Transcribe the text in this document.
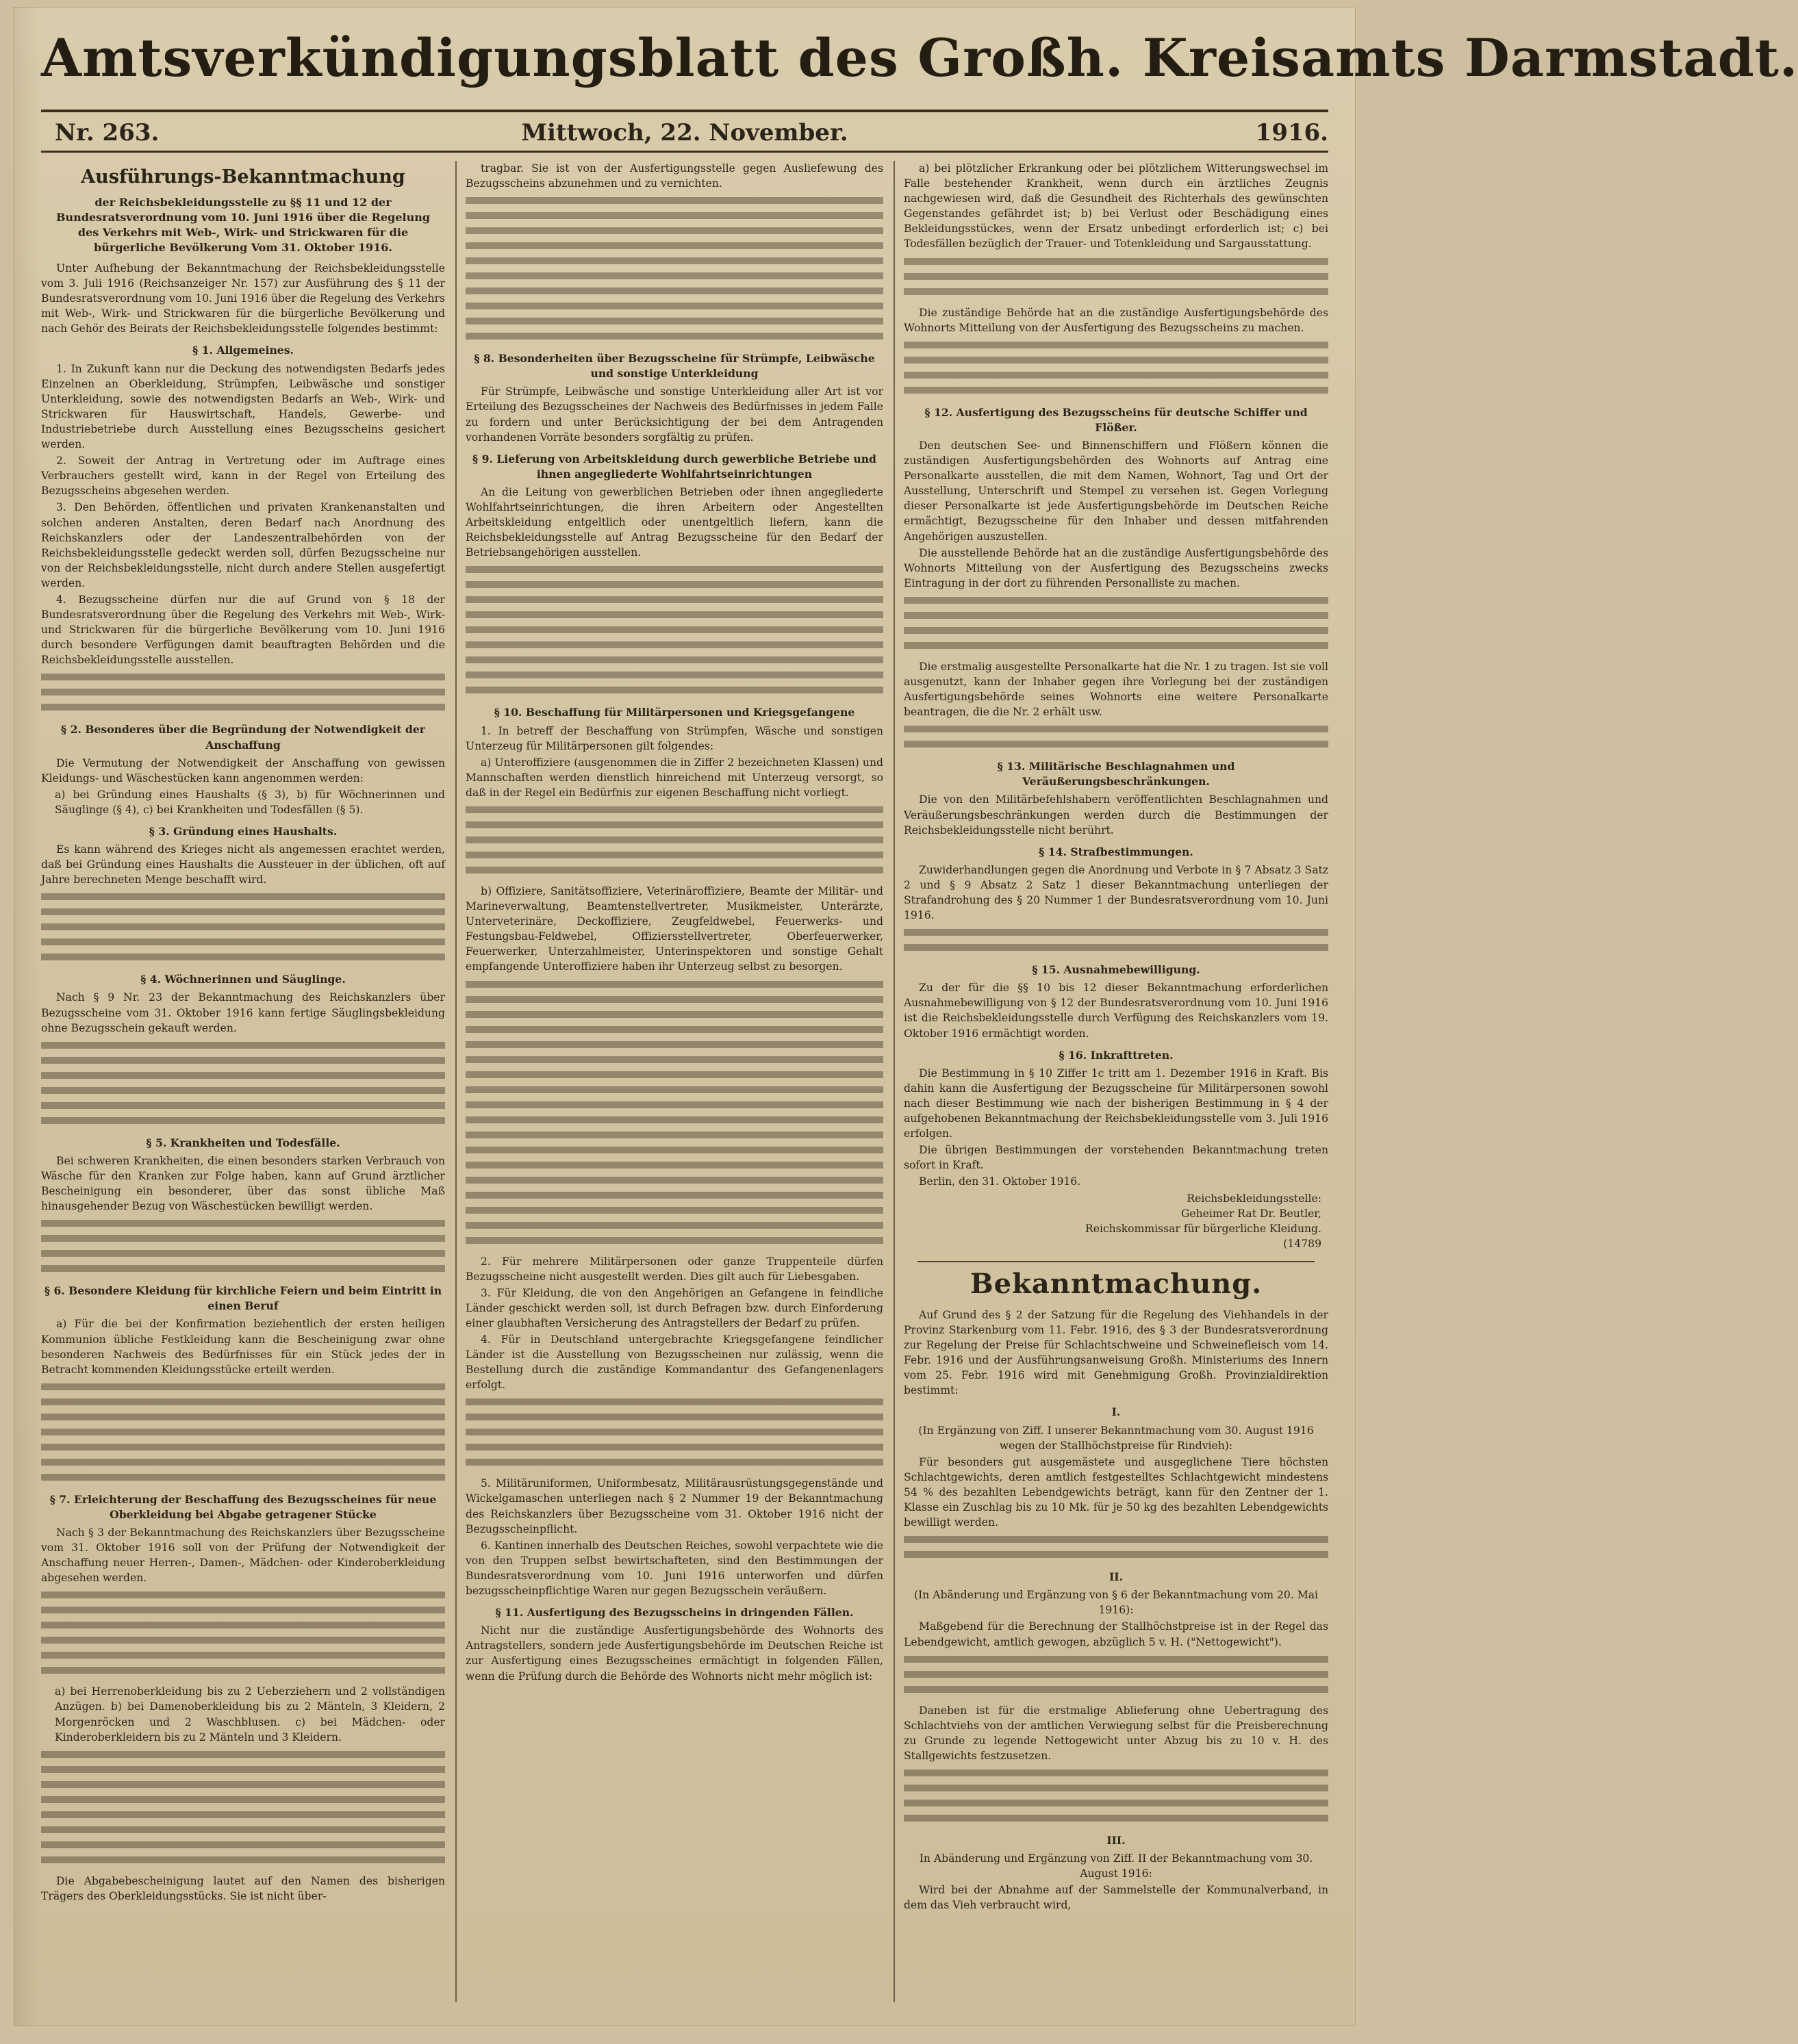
Amtsverkündigungsblatt des Großh. Kreisamts Darmstadt.
Mittwoch, 22. November.
Nr. 263.	1916.
Ausführungs-Bekanntmachung
der Reichsbekleidungsstelle zu §§ 11 und 12 der Bundesratsverordnung vom 10. Juni 1916 über die Regelung des Verkehrs mit Web-, Wirk- und Strickwaren für die bürgerliche Bevölkerung Vom 31. Oktober 1916.

Unter Aufhebung der Bekanntmachung der Reichsbekleidungsstelle vom 3. Juli 1916 (Reichsanzeiger Nr. 157) zur Ausführung des § 11 der Bundesratsverordnung vom 10. Juni 1916 über die Regelung des Verkehrs mit Web-, Wirk- und Strickwaren für die bürgerliche Bevölkerung und nach Gehör des Beirats der Reichsbekleidungsstelle folgendes bestimmt:

§ 1. Allgemeines.

1. In Zukunft kann nur die Deckung des notwendigsten Bedarfs jedes Einzelnen an Oberkleidung, Strümpfen, Leibwäsche und sonstiger Unterkleidung, sowie des notwendigsten Bedarfs an Web-, Wirk- und Strickwaren für Hauswirtschaft, Handels, Gewerbe- und Industriebetriebe durch Ausstellung eines Bezugsscheins gesichert werden.

2. Soweit der Antrag in Vertretung oder im Auftrage eines Verbrauchers gestellt wird, kann in der Regel von Erteilung des Bezugsscheins abgesehen werden.

3. Den Behörden, öffentlichen und privaten Krankenanstalten und solchen anderen Anstalten, deren Bedarf nach Anordnung des Reichskanzlers oder der Landeszentralbehörden von der Reichsbekleidungsstelle gedeckt werden soll, dürfen Bezugsscheine nur von der Reichsbekleidungsstelle, nicht durch andere Stellen ausgefertigt werden.

4. Bezugsscheine dürfen nur die auf Grund von § 18 der Bundesratsverordnung über die Regelung des Verkehrs mit Web-, Wirk- und Strickwaren für die bürgerliche Bevölkerung vom 10. Juni 1916 durch besondere Verfügungen damit beauftragten Behörden und die Reichsbekleidungsstelle ausstellen.

§ 2. Besonderes über die Begründung der Notwendigkeit der Anschaffung

Die Vermutung der Notwendigkeit der Anschaffung von gewissen Kleidungs- und Wäschestücken kann angenommen werden:

a) bei Gründung eines Haushalts (§ 3), b) für Wöchnerinnen und Säuglinge (§ 4), c) bei Krankheiten und Todesfällen (§ 5).

§ 3. Gründung eines Haushalts.

Es kann während des Krieges nicht als angemessen erachtet werden, daß bei Gründung eines Haushalts die Aussteuer in der üblichen, oft auf Jahre berechneten Menge beschafft wird.

§ 4. Wöchnerinnen und Säuglinge.

Nach § 9 Nr. 23 der Bekanntmachung des Reichskanzlers über Bezugsscheine vom 31. Oktober 1916 kann fertige Säuglingsbekleidung ohne Bezugsschein gekauft werden.

§ 5. Krankheiten und Todesfälle.

Bei schweren Krankheiten, die einen besonders starken Verbrauch von Wäsche für den Kranken zur Folge haben, kann auf Grund ärztlicher Bescheinigung ein besonderer, über das sonst übliche Maß hinausgehender Bezug von Wäschestücken bewilligt werden.

§ 6. Besondere Kleidung für kirchliche Feiern und beim Eintritt in einen Beruf

a) Für die bei der Konfirmation beziehentlich der ersten heiligen Kommunion übliche Festkleidung kann die Bescheinigung zwar ohne besonderen Nachweis des Bedürfnisses für ein Stück jedes der in Betracht kommenden Kleidungsstücke erteilt werden.

§ 7. Erleichterung der Beschaffung des Bezugsscheines für neue Oberkleidung bei Abgabe getragener Stücke

Nach § 3 der Bekanntmachung des Reichskanzlers über Bezugsscheine vom 31. Oktober 1916 soll von der Prüfung der Notwendigkeit der Anschaffung neuer Herren-, Damen-, Mädchen- oder Kinderoberkleidung abgesehen werden.

a) bei Herrenoberkleidung bis zu 2 Ueberziehern und 2 vollständigen Anzügen. b) bei Damenoberkleidung bis zu 2 Mänteln, 3 Kleidern, 2 Morgenröcken und 2 Waschblusen. c) bei Mädchen- oder Kinderoberkleidern bis zu 2 Mänteln und 3 Kleidern.

Die Abgabebescheinigung lautet auf den Namen des bisherigen Trägers des Oberkleidungsstücks. Sie ist nicht über-

tragbar. Sie ist von der Ausfertigungsstelle gegen Ausliefewung des Bezugsscheins abzunehmen und zu vernichten.

§ 8. Besonderheiten über Bezugsscheine für Strümpfe, Leibwäsche und sonstige Unterkleidung

Für Strümpfe, Leibwäsche und sonstige Unterkleidung aller Art ist vor Erteilung des Bezugsscheines der Nachweis des Bedürfnisses in jedem Falle zu fordern und unter Berücksichtigung der bei dem Antragenden vorhandenen Vorräte besonders sorgfältig zu prüfen.

§ 9. Lieferung von Arbeitskleidung durch gewerbliche Betriebe und ihnen angegliederte Wohlfahrtseinrichtungen

An die Leitung von gewerblichen Betrieben oder ihnen angegliederte Wohlfahrtseinrichtungen, die ihren Arbeitern oder Angestellten Arbeitskleidung entgeltlich oder unentgeltlich liefern, kann die Reichsbekleidungsstelle auf Antrag Bezugsscheine für den Bedarf der Betriebsangehörigen ausstellen.

§ 10. Beschaffung für Militärpersonen und Kriegsgefangene

1. In betreff der Beschaffung von Strümpfen, Wäsche und sonstigen Unterzeug für Militärpersonen gilt folgendes:

a) Unteroffiziere (ausgenommen die in Ziffer 2 bezeichneten Klassen) und Mannschaften werden dienstlich hinreichend mit Unterzeug versorgt, so daß in der Regel ein Bedürfnis zur eigenen Beschaffung nicht vorliegt.

b) Offiziere, Sanitätsoffiziere, Veterinäroffiziere, Beamte der Militär- und Marineverwaltung, Beamtenstellvertreter, Musikmeister, Unterärzte, Unterveterinäre, Deckoffiziere, Zeugfeldwebel, Feuerwerks- und Festungsbau-Feldwebel, Offiziersstellvertreter, Oberfeuerwerker, Feuerwerker, Unterzahlmeister, Unterinspektoren und sonstige Gehalt empfangende Unteroffiziere haben ihr Unterzeug selbst zu besorgen.

2. Für mehrere Militärpersonen oder ganze Truppenteile dürfen Bezugsscheine nicht ausgestellt werden. Dies gilt auch für Liebesgaben.

3. Für Kleidung, die von den Angehörigen an Gefangene in feindliche Länder geschickt werden soll, ist durch Befragen bzw. durch Einforderung einer glaubhaften Versicherung des Antragstellers der Bedarf zu prüfen.

4. Für in Deutschland untergebrachte Kriegsgefangene feindlicher Länder ist die Ausstellung von Bezugsscheinen nur zulässig, wenn die Bestellung durch die zuständige Kommandantur des Gefangenenlagers erfolgt.

5. Militäruniformen, Uniformbesatz, Militärausrüstungsgegenstände und Wickelgamaschen unterliegen nach § 2 Nummer 19 der Bekanntmachung des Reichskanzlers über Bezugsscheine vom 31. Oktober 1916 nicht der Bezugsscheinpflicht.

6. Kantinen innerhalb des Deutschen Reiches, sowohl verpachtete wie die von den Truppen selbst bewirtschafteten, sind den Bestimmungen der Bundesratsverordnung vom 10. Juni 1916 unterworfen und dürfen bezugsscheinpflichtige Waren nur gegen Bezugsschein veräußern.

§ 11. Ausfertigung des Bezugsscheins in dringenden Fällen.

Nicht nur die zuständige Ausfertigungsbehörde des Wohnorts des Antragstellers, sondern jede Ausfertigungsbehörde im Deutschen Reiche ist zur Ausfertigung eines Bezugsscheines ermächtigt in folgenden Fällen, wenn die Prüfung durch die Behörde des Wohnorts nicht mehr möglich ist:

a) bei plötzlicher Erkrankung oder bei plötzlichem Witterungswechsel im Falle bestehender Krankheit, wenn durch ein ärztliches Zeugnis nachgewiesen wird, daß die Gesundheit des Richterhals des gewünschten Gegenstandes gefährdet ist; b) bei Verlust oder Beschädigung eines Bekleidungsstückes, wenn der Ersatz unbedingt erforderlich ist; c) bei Todesfällen bezüglich der Trauer- und Totenkleidung und Sargausstattung.

Die zuständige Behörde hat an die zuständige Ausfertigungsbehörde des Wohnorts Mitteilung von der Ausfertigung des Bezugsscheins zu machen.

§ 12. Ausfertigung des Bezugsscheins für deutsche Schiffer und Flößer.

Den deutschen See- und Binnenschiffern und Flößern können die zuständigen Ausfertigungsbehörden des Wohnorts auf Antrag eine Personalkarte ausstellen, die mit dem Namen, Wohnort, Tag und Ort der Ausstellung, Unterschrift und Stempel zu versehen ist. Gegen Vorlegung dieser Personalkarte ist jede Ausfertigungsbehörde im Deutschen Reiche ermächtigt, Bezugsscheine für den Inhaber und dessen mitfahrenden Angehörigen auszustellen.

Die ausstellende Behörde hat an die zuständige Ausfertigungsbehörde des Wohnorts Mitteilung von der Ausfertigung des Bezugsscheins zwecks Eintragung in der dort zu führenden Personalliste zu machen.

Die erstmalig ausgestellte Personalkarte hat die Nr. 1 zu tragen. Ist sie voll ausgenutzt, kann der Inhaber gegen ihre Vorlegung bei der zuständigen Ausfertigungsbehörde seines Wohnorts eine weitere Personalkarte beantragen, die die Nr. 2 erhält usw.

§ 13. Militärische Beschlagnahmen und Veräußerungsbeschränkungen.

Die von den Militärbefehlshabern veröffentlichten Beschlagnahmen und Veräußerungsbeschränkungen werden durch die Bestimmungen der Reichsbekleidungsstelle nicht berührt.

§ 14. Strafbestimmungen.

Zuwiderhandlungen gegen die Anordnung und Verbote in § 7 Absatz 3 Satz 2 und § 9 Absatz 2 Satz 1 dieser Bekanntmachung unterliegen der Strafandrohung des § 20 Nummer 1 der Bundesratsverordnung vom 10. Juni 1916.

§ 15. Ausnahmebewilligung.

Zu der für die §§ 10 bis 12 dieser Bekanntmachung erforderlichen Ausnahmebewilligung von § 12 der Bundesratsverordnung vom 10. Juni 1916 ist die Reichsbekleidungsstelle durch Verfügung des Reichskanzlers vom 19. Oktober 1916 ermächtigt worden.

§ 16. Inkrafttreten.

Die Bestimmung in § 10 Ziffer 1c tritt am 1. Dezember 1916 in Kraft. Bis dahin kann die Ausfertigung der Bezugsscheine für Militärpersonen sowohl nach dieser Bestimmung wie nach der bisherigen Bestimmung in § 4 der aufgehobenen Bekanntmachung der Reichsbekleidungsstelle vom 3. Juli 1916 erfolgen.

Die übrigen Bestimmungen der vorstehenden Bekanntmachung treten sofort in Kraft.

Berlin, den 31. Oktober 1916.

Reichsbekleidungsstelle:
Geheimer Rat Dr. Beutler,
Reichskommissar für bürgerliche Kleidung.
(14789
Bekanntmachung.

Auf Grund des § 2 der Satzung für die Regelung des Viehhandels in der Provinz Starkenburg vom 11. Febr. 1916, des § 3 der Bundesratsverordnung zur Regelung der Preise für Schlachtschweine und Schweinefleisch vom 14. Febr. 1916 und der Ausführungsanweisung Großh. Ministeriums des Innern vom 25. Febr. 1916 wird mit Genehmigung Großh. Provinzialdirektion bestimmt:

I.

(In Ergänzung von Ziff. I unserer Bekanntmachung vom 30. August 1916 wegen der Stallhöchstpreise für Rindvieh):

Für besonders gut ausgemästete und ausgeglichene Tiere höchsten Schlachtgewichts, deren amtlich festgestelltes Schlachtgewicht mindestens 54 % des bezahlten Lebendgewichts beträgt, kann für den Zentner der 1. Klasse ein Zuschlag bis zu 10 Mk. für je 50 kg des bezahlten Lebendgewichts bewilligt werden.

II.

(In Abänderung und Ergänzung von § 6 der Bekanntmachung vom 20. Mai 1916):

Maßgebend für die Berechnung der Stallhöchstpreise ist in der Regel das Lebendgewicht, amtlich gewogen, abzüglich 5 v. H. ("Nettogewicht").

Daneben ist für die erstmalige Ablieferung ohne Uebertragung des Schlachtviehs von der amtlichen Verwiegung selbst für die Preisberechnung zu Grunde zu legende Nettogewicht unter Abzug bis zu 10 v. H. des Stallgewichts festzusetzen.

III.

In Abänderung und Ergänzung von Ziff. II der Bekanntmachung vom 30. August 1916:

Wird bei der Abnahme auf der Sammelstelle der Kommunalverband, in dem das Vieh verbraucht wird,
